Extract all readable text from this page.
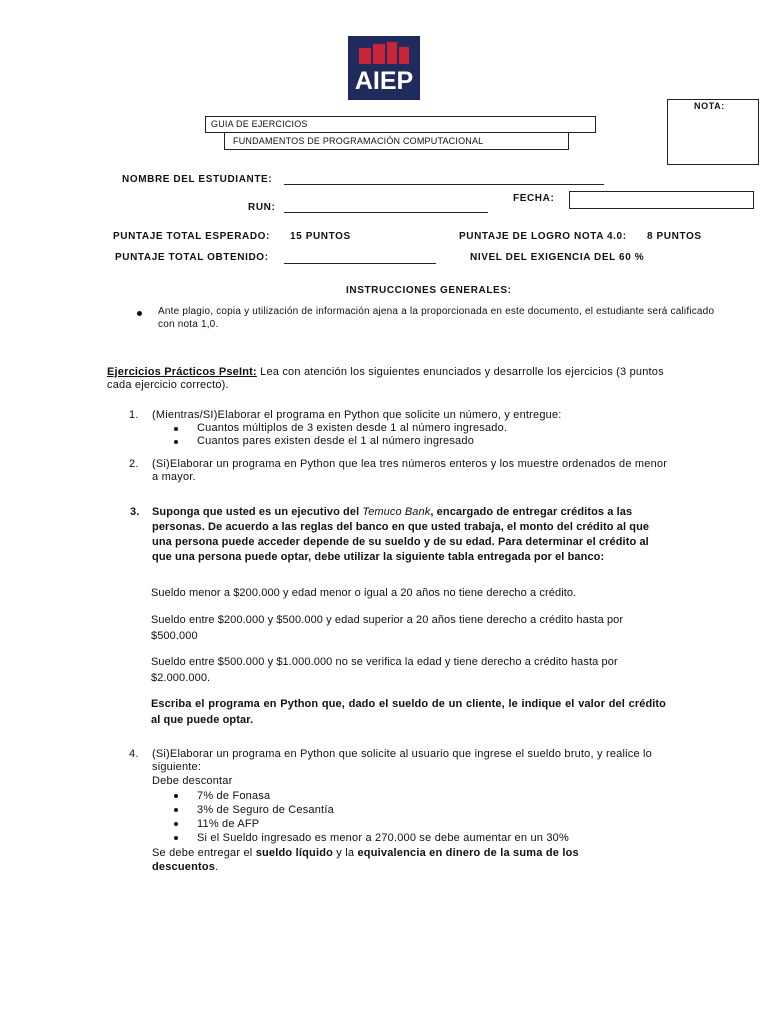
AIEP
NOTA:
GUIA DE EJERCICIOS
FUNDAMENTOS DE PROGRAMACIÓN COMPUTACIONAL
NOMBRE DEL ESTUDIANTE:
FECHA:
RUN:
PUNTAJE TOTAL ESPERADO: 15 PUNTOS	PUNTAJE DE LOGRO NOTA 4.0: 8 PUNTOS
PUNTAJE TOTAL OBTENIDO:	NIVEL DEL EXIGENCIA DEL 60 %
INSTRUCCIONES GENERALES:
Ante plagio, copia y utilización de información ajena a la proporcionada en este documento, el estudiante será calificado con nota 1,0.
Ejercicios Prácticos PseInt: Lea con atención los siguientes enunciados y desarrolle los ejercicios (3 puntos cada ejercicio correcto).
1. (Mientras/SI)Elaborar el programa en Python que solicite un número, y entregue:
Cuantos múltiplos de 3 existen desde 1 al número ingresado.
Cuantos pares existen desde el 1 al número ingresado
2. (Si)Elaborar un programa en Python que lea tres números enteros y los muestre ordenados de menor a mayor.
3. Suponga que usted es un ejecutivo del Temuco Bank, encargado de entregar créditos a las personas. De acuerdo a las reglas del banco en que usted trabaja, el monto del crédito al que una persona puede acceder depende de su sueldo y de su edad. Para determinar el crédito al que una persona puede optar, debe utilizar la siguiente tabla entregada por el banco:
Sueldo menor a $200.000 y edad menor o igual a 20 años no tiene derecho a crédito.
Sueldo entre $200.000 y $500.000 y edad superior a 20 años tiene derecho a crédito hasta por $500.000
Sueldo entre $500.000 y $1.000.000 no se verifica la edad y tiene derecho a crédito hasta por $2.000.000.
Escriba el programa en Python que, dado el sueldo de un cliente, le indique el valor del crédito al que puede optar.
4. (Si)Elaborar un programa en Python que solicite al usuario que ingrese el sueldo bruto, y realice lo siguiente:
Debe descontar
7% de Fonasa
3% de Seguro de Cesantía
11% de AFP
Si el Sueldo ingresado es menor a 270.000 se debe aumentar en un 30%
Se debe entregar el sueldo líquido y la equivalencia en dinero de la suma de los descuentos.
